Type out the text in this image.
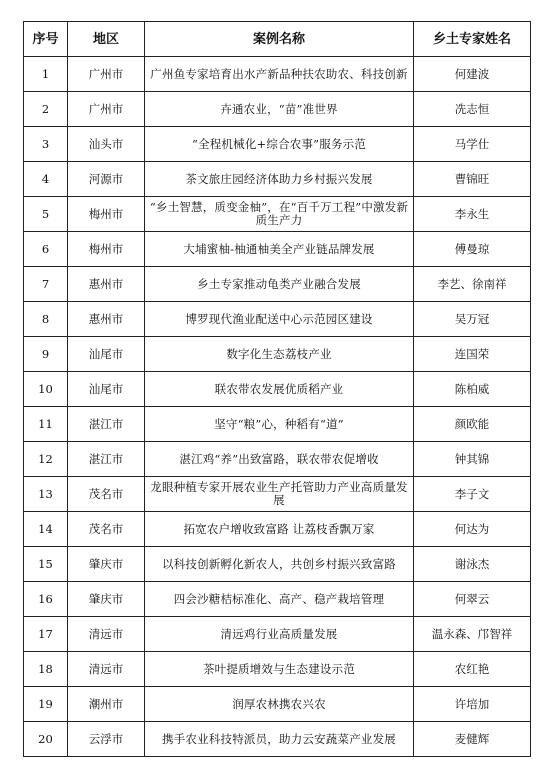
序号	地区	案例名称	乡土专家姓名
1	广州市	广州鱼专家培育出水产新品种扶农助农、科技创新	何建波
2	广州市	卉通农业，“苗”准世界	冼志恒
3	汕头市	“全程机械化+综合农事”服务示范	马学仕
4	河源市	茶文旅庄园经济体助力乡村振兴发展	曹锦旺
5	梅州市	“乡土智慧，质变金柚”，在“百千万工程”中激发新质生产力	李永生
6	梅州市	大埔蜜柚-柚通柚美全产业链品牌发展	傅曼琼
7	惠州市	乡土专家推动龟类产业融合发展	李艺、徐南祥
8	惠州市	博罗现代渔业配送中心示范园区建设	吴万冠
9	汕尾市	数字化生态荔枝产业	连国荣
10	汕尾市	联农带农发展优质稻产业	陈柏威
11	湛江市	坚守“粮”心，种稻有“道”	颜欧能
12	湛江市	湛江鸡“养”出致富路，联农带农促增收	钟其锦
13	茂名市	龙眼种植专家开展农业生产托管助力产业高质量发展	李子文
14	茂名市	拓宽农户增收致富路 让荔枝香飘万家	何达为
15	肇庆市	以科技创新孵化新农人，共创乡村振兴致富路	谢泳杰
16	肇庆市	四会沙糖桔标准化、高产、稳产栽培管理	何翠云
17	清远市	清远鸡行业高质量发展	温永森、邝智祥
18	清远市	茶叶提质增效与生态建设示范	农红艳
19	潮州市	润厚农林携农兴农	许培加
20	云浮市	携手农业科技特派员，助力云安蔬菜产业发展	麦健辉
